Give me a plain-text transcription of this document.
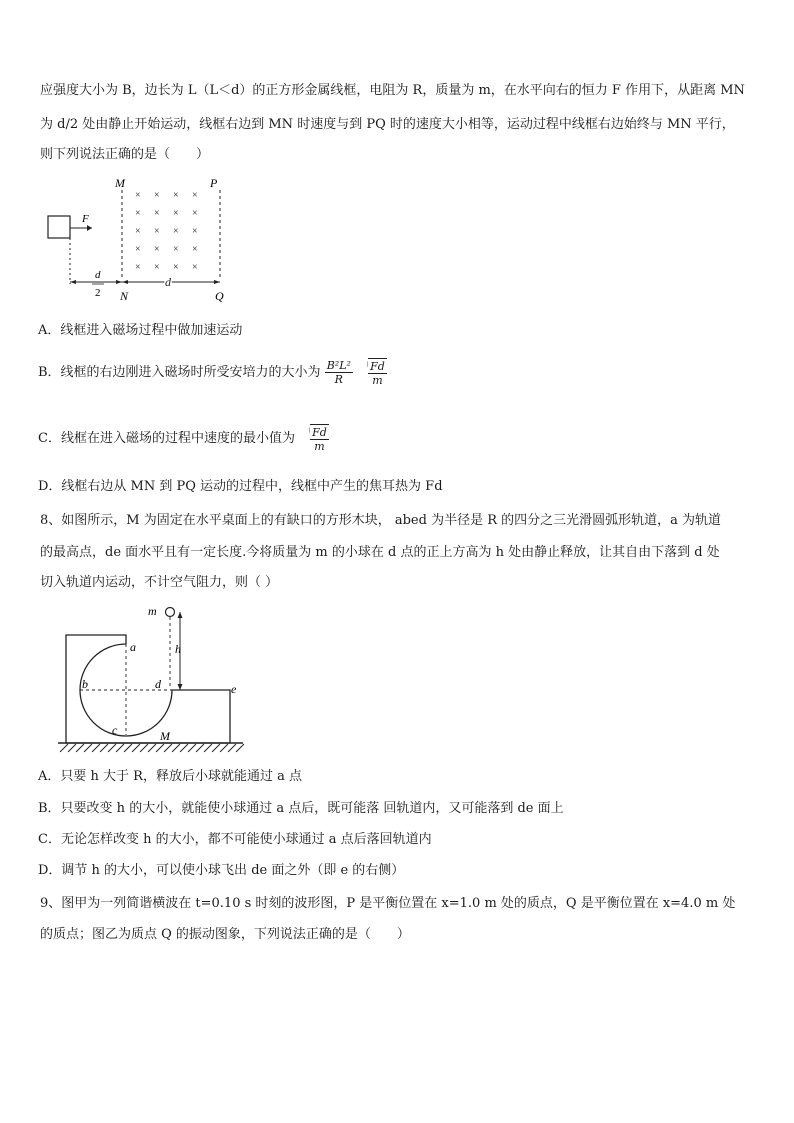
应强度大小为 B，边长为 L（L＜d）的正方形金属线框，电阻为 R，质量为 m，在水平向右的恒力 F 作用下，从距离 MN
为 d/2 处由静止开始运动，线框右边到 MN 时速度与到 PQ 时的速度大小相等，运动过程中线框右边始终与 MN 平行，
则下列说法正确的是（　　）
M	P
× × × ×
× × × ×
× × × ×
× × × ×
× × × ×
F
d
2 N
d
Q
A．线框进入磁场过程中做加速运动
B．线框的右边刚进入磁场时所受安培力的大小为 $\frac{\text{B²L²}}{R}$
$\frac{Fd}{m}$
C．线框在进入磁场的过程中速度的最小值为 $\frac{Fd}{m}$
D．线框右边从 MN 到 PQ 运动的过程中，线框中产生的焦耳热为 Fd
8、如图所示，M 为固定在水平桌面上的有缺口的方形木块， abed 为半径是 R 的四分之三光滑圆弧形轨道，a 为轨道
的最高点，de 面水平且有一定长度.今将质量为 m 的小球在 d 点的正上方高为 h 处由静止释放，让其自由下落到 d 处
切入轨道内运动，不计空气阻力，则（ ）
m
a	h
b	d	e
c	M
A．只要 h 大于 R，释放后小球就能通过 a 点
B．只要改变 h 的大小，就能使小球通过 a 点后，既可能落 回轨道内，又可能落到 de 面上
C．无论怎样改变 h 的大小，都不可能使小球通过 a 点后落回轨道内
D．调节 h 的大小，可以使小球飞出 de 面之外（即 e 的右侧）
9、图甲为一列简谐横波在 t=0.10 s 时刻的波形图，P 是平衡位置在 x=1.0 m 处的质点，Q 是平衡位置在 x=4.0 m 处
的质点；图乙为质点 Q 的振动图象，下列说法正确的是（　　）
